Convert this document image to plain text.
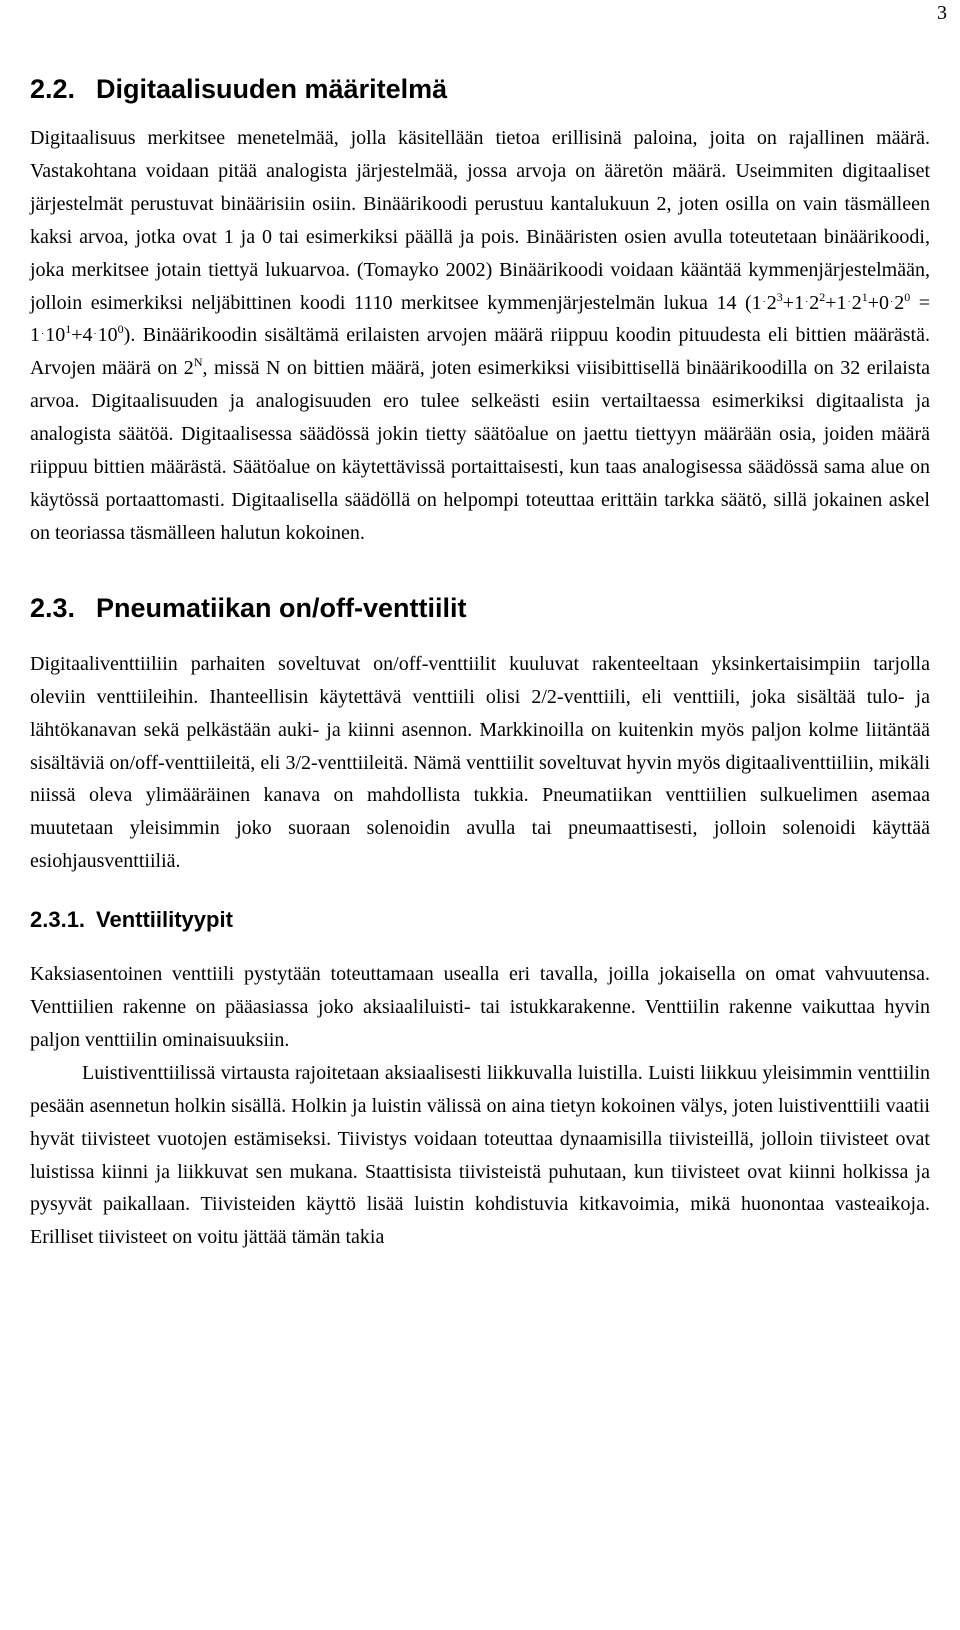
3
2.2. Digitaalisuuden määritelmä

Digitaalisuus merkitsee menetelmää, jolla käsitellään tietoa erillisinä paloina, joita on rajallinen määrä. Vastakohtana voidaan pitää analogista järjestelmää, jossa arvoja on ääretön määrä. Useimmiten digitaaliset järjestelmät perustuvat binäärisiin osiin. Binäärikoodi perustuu kantalukuun 2, joten osilla on vain täsmälleen kaksi arvoa, jotka ovat 1 ja 0 tai esimerkiksi päällä ja pois. Binääristen osien avulla toteutetaan binäärikoodi, joka merkitsee jotain tiettyä lukuarvoa. (Tomayko 2002) Binäärikoodi voidaan kääntää kymmenjärjestelmään, jolloin esimerkiksi neljäbittinen koodi 1110 merkitsee kymmenjärjestelmän lukua 14 $(1^\cdot 2^3+1^\cdot 2^2+1^\cdot 2^1+0^\cdot 2^0 = 1^\cdot 10^1+4^\cdot 10^0)$. Binäärikoodin sisältämä erilaisten arvojen määrä riippuu koodin pituudesta eli bittien määrästä. Arvojen määrä on $2^N$, missä N on bittien määrä, joten esimerkiksi viisibittisellä binäärikoodilla on 32 erilaista arvoa. Digitaalisuuden ja analogisuuden ero tulee selkeästi esiin vertailtaessa esimerkiksi digitaalista ja analogista säätöä. Digitaalisessa säädössä jokin tietty säätöalue on jaettu tiettyyn määrään osia, joiden määrä riippuu bittien määrästä. Säätöalue on käytettävissä portaittaisesti, kun taas analogisessa säädössä sama alue on käytössä portaattomasti. Digitaalisella säädöllä on helpompi toteuttaa erittäin tarkka säätö, sillä jokainen askel on teoriassa täsmälleen halutun kokoinen.

2.3. Pneumatiikan on/off-venttiilit

Digitaaliventtiiliin parhaiten soveltuvat on/off-venttiilit kuuluvat rakenteeltaan yksinkertaisimpiin tarjolla oleviin venttiileihin. Ihanteellisin käytettävä venttiili olisi 2/2-venttiili, eli venttiili, joka sisältää tulo- ja lähtökanavan sekä pelkästään auki- ja kiinni asennon. Markkinoilla on kuitenkin myös paljon kolme liitäntää sisältäviä on/off-venttiileitä, eli 3/2-venttiileitä. Nämä venttiilit soveltuvat hyvin myös digitaaliventtiiliin, mikäli niissä oleva ylimääräinen kanava on mahdollista tukkia. Pneumatiikan venttiilien sulkuelimen asemaa muutetaan yleisimmin joko suoraan solenoidin avulla tai pneumaattisesti, jolloin solenoidi käyttää esiohjausventtiiliä.

2.3.1. Venttiilityypit

Kaksiasentoinen venttiili pystytään toteuttamaan usealla eri tavalla, joilla jokaisella on omat vahvuutensa. Venttiilien rakenne on pääasiassa joko aksiaaliluisti- tai istukkarakenne. Venttiilin rakenne vaikuttaa hyvin paljon venttiilin ominaisuuksiin.

Luistiventtiilissä virtausta rajoitetaan aksiaalisesti liikkuvalla luistilla. Luisti liikkuu yleisimmin venttiilin pesään asennetun holkin sisällä. Holkin ja luistin välissä on aina tietyn kokoinen välys, joten luistiventtiili vaatii hyvät tiivisteet vuotojen estämiseksi. Tiivistys voidaan toteuttaa dynaamisilla tiivisteillä, jolloin tiivisteet ovat luistissa kiinni ja liikkuvat sen mukana. Staattisista tiivisteistä puhutaan, kun tiivisteet ovat kiinni holkissa ja pysyvät paikallaan. Tiivisteiden käyttö lisää luistin kohdistuvia kitkavoimia, mikä huonontaa vasteaikoja. Erilliset tiivisteet on voitu jättää tämän takia
